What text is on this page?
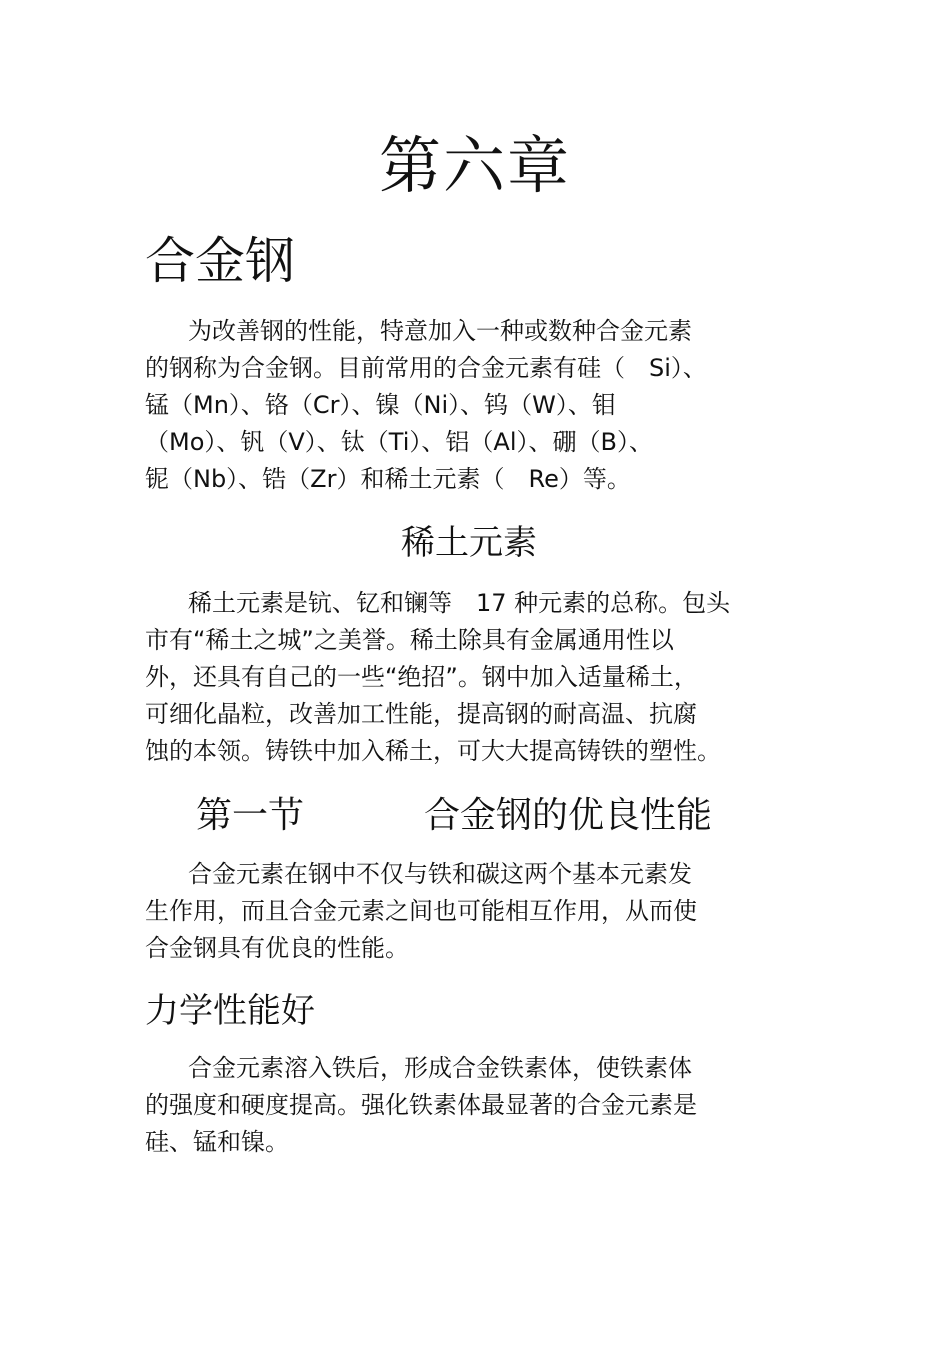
第六章
合金钢

为改善钢的性能，特意加入一种或数种合金元素
的钢称为合金钢。目前常用的合金元素有硅（　Si）、
锰（Mn）、铬（Cr）、镍（Ni）、钨（W）、钼
（Mo）、钒（V）、钛（Ti）、铝（Al）、硼（B）、
铌（Nb）、锆（Zr）和稀土元素（　Re）等。

稀土元素

稀土元素是钪、钇和镧等　17 种元素的总称。包头
市有“稀土之城”之美誉。稀土除具有金属通用性以
外，还具有自己的一些“绝招”。钢中加入适量稀土，
可细化晶粒，改善加工性能，提高钢的耐高温、抗腐
蚀的本领。铸铁中加入稀土，可大大提高铸铁的塑性。

第一节	合金钢的优良性能

合金元素在钢中不仅与铁和碳这两个基本元素发
生作用，而且合金元素之间也可能相互作用，从而使
合金钢具有优良的性能。

力学性能好

合金元素溶入铁后，形成合金铁素体，使铁素体
的强度和硬度提高。强化铁素体最显著的合金元素是
硅、锰和镍。
